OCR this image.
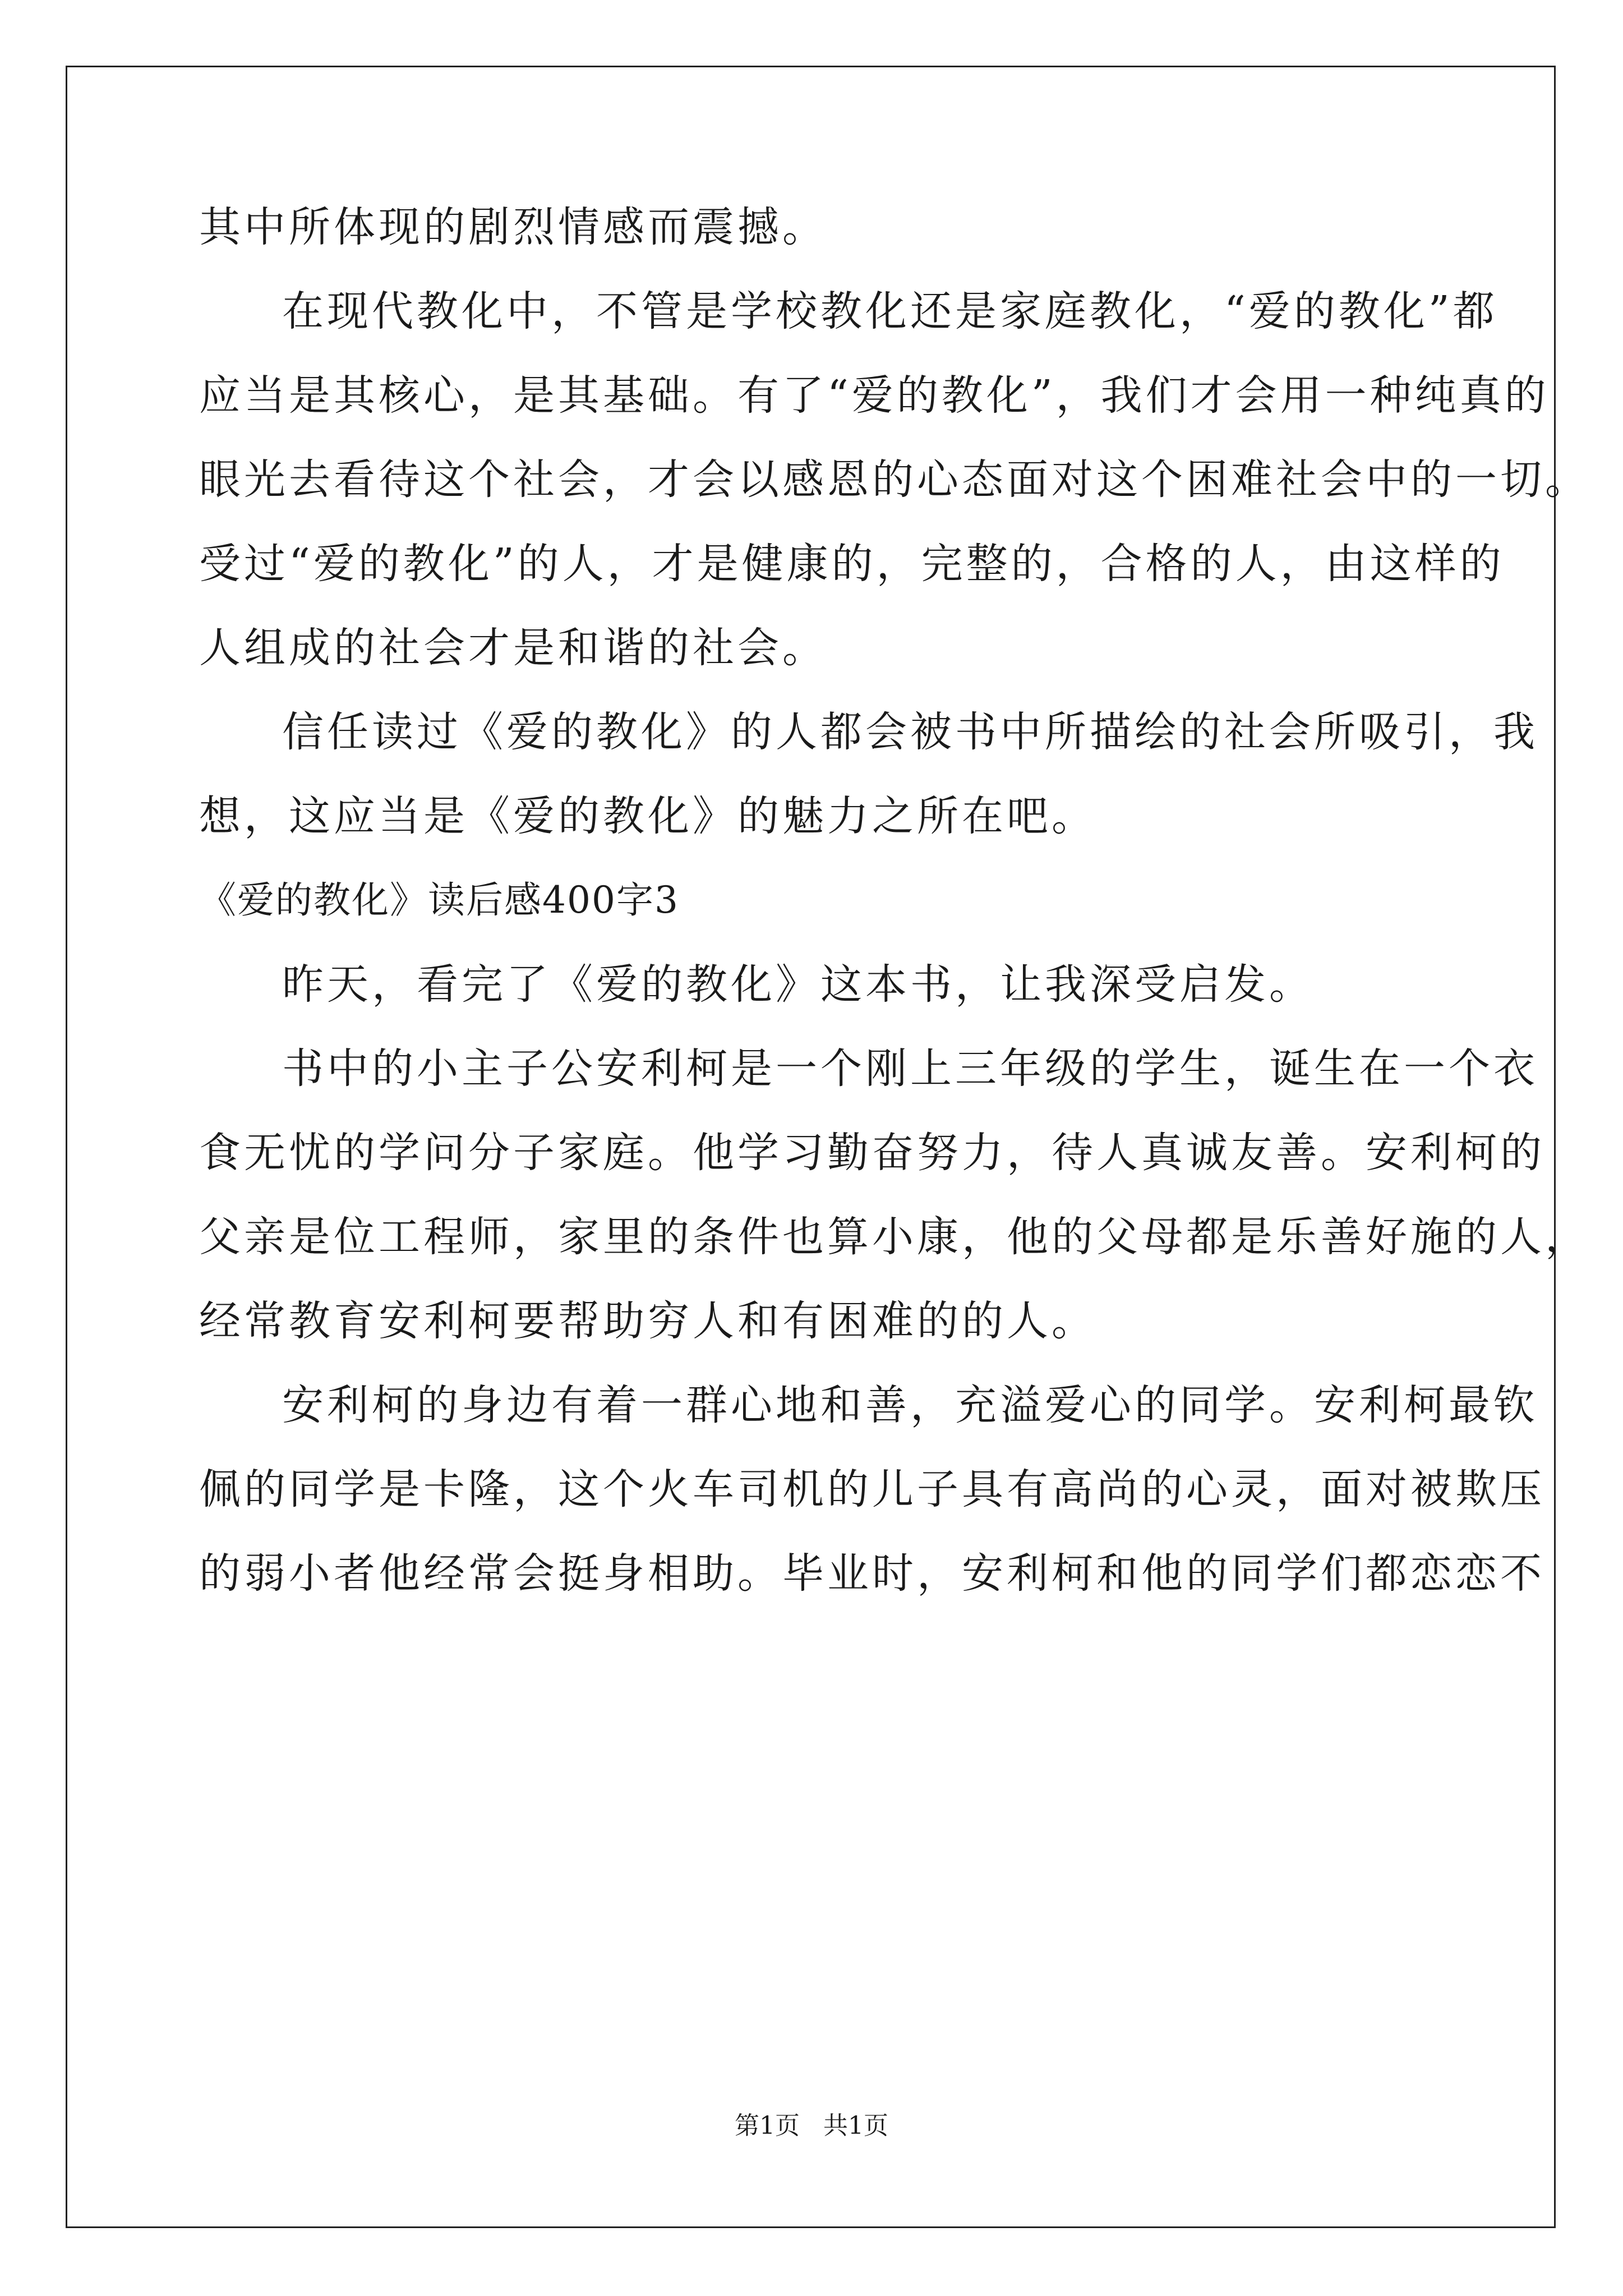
其中所体现的剧烈情感而震撼。
在现代教化中，不管是学校教化还是家庭教化，“爱的教化”都
应当是其核心，是其基础。有了“爱的教化”，我们才会用一种纯真的
眼光去看待这个社会，才会以感恩的心态面对这个困难社会中的一切。
受过“爱的教化”的人，才是健康的，完整的，合格的人，由这样的
人组成的社会才是和谐的社会。
信任读过《爱的教化》的人都会被书中所描绘的社会所吸引，我
想，这应当是《爱的教化》的魅力之所在吧。
《爱的教化》读后感400字3
昨天，看完了《爱的教化》这本书，让我深受启发。
书中的小主子公安利柯是一个刚上三年级的学生，诞生在一个衣
食无忧的学问分子家庭。他学习勤奋努力，待人真诚友善。安利柯的
父亲是位工程师，家里的条件也算小康，他的父母都是乐善好施的人，
经常教育安利柯要帮助穷人和有困难的的人。
安利柯的身边有着一群心地和善，充溢爱心的同学。安利柯最钦
佩的同学是卡隆，这个火车司机的儿子具有高尚的心灵，面对被欺压
的弱小者他经常会挺身相助。毕业时，安利柯和他的同学们都恋恋不
第1页   共1页
